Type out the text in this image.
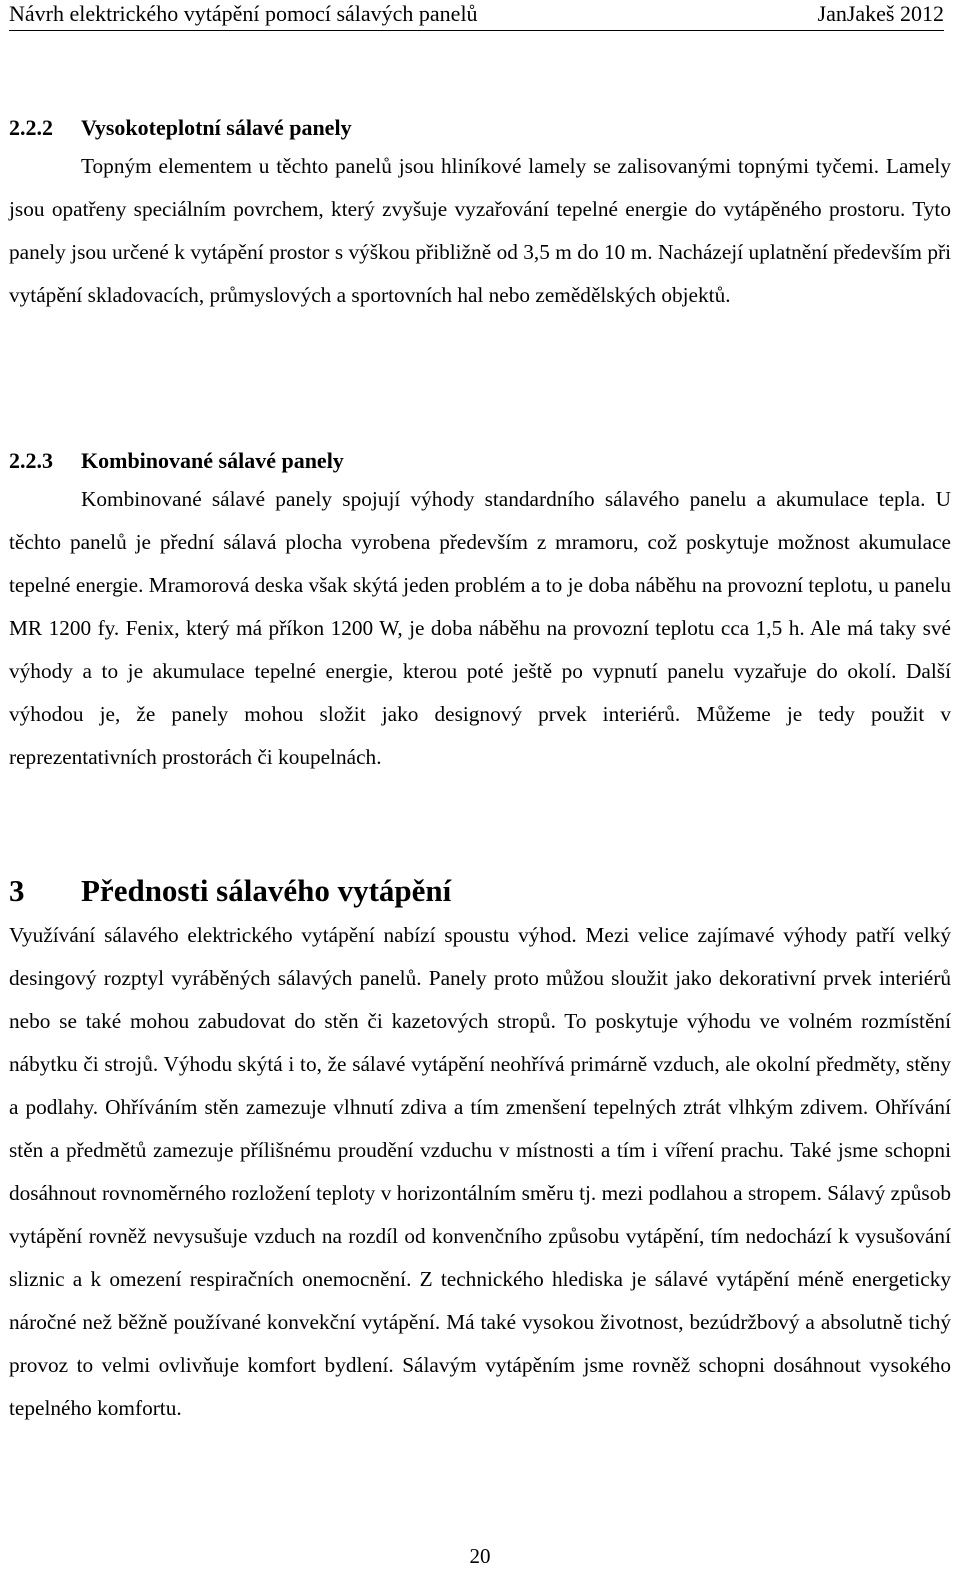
Návrh elektrického vytápění pomocí sálavých panelů	JanJakeš 2012
2.2.2 Vysokoteplotní sálavé panely

Topným elementem u těchto panelů jsou hliníkové lamely se zalisovanými topnými tyčemi. Lamely jsou opatřeny speciálním povrchem, který zvyšuje vyzařování tepelné energie do vytápěného prostoru. Tyto panely jsou určené k vytápění prostor s výškou přibližně od 3,5 m do 10 m. Nacházejí uplatnění především při vytápění skladovacích, průmyslových a sportovních hal nebo zemědělských objektů.

2.2.3 Kombinované sálavé panely

Kombinované sálavé panely spojují výhody standardního sálavého panelu a akumulace tepla. U těchto panelů je přední sálavá plocha vyrobena především z mramoru, což poskytuje možnost akumulace tepelné energie. Mramorová deska však skýtá jeden problém a to je doba náběhu na provozní teplotu, u panelu MR 1200 fy. Fenix, který má příkon 1200 W, je doba náběhu na provozní teplotu cca 1,5 h. Ale má taky své výhody a to je akumulace tepelné energie, kterou poté ještě po vypnutí panelu vyzařuje do okolí. Další výhodou je, že panely mohou složit jako designový prvek interiérů. Můžeme je tedy použit v reprezentativních prostorách či koupelnách.

3 Přednosti sálavého vytápění

Využívání sálavého elektrického vytápění nabízí spoustu výhod. Mezi velice zajímavé výhody patří velký desingový rozptyl vyráběných sálavých panelů. Panely proto můžou sloužit jako dekorativní prvek interiérů nebo se také mohou zabudovat do stěn či kazetových stropů. To poskytuje výhodu ve volném rozmístění nábytku či strojů. Výhodu skýtá i to, že sálavé vytápění neohřívá primárně vzduch, ale okolní předměty, stěny a podlahy. Ohříváním stěn zamezuje vlhnutí zdiva a tím zmenšení tepelných ztrát vlhkým zdivem. Ohřívání stěn a předmětů zamezuje přílišnému proudění vzduchu v místnosti a tím i víření prachu. Také jsme schopni dosáhnout rovnoměrného rozložení teploty v horizontálním směru tj. mezi podlahou a stropem. Sálavý způsob vytápění rovněž nevysušuje vzduch na rozdíl od konvenčního způsobu vytápění, tím nedochází k vysušování sliznic a k omezení respiračních onemocnění. Z technického hlediska je sálavé vytápění méně energeticky náročné než běžně používané konvekční vytápění. Má také vysokou životnost, bezúdržbový a absolutně tichý provoz to velmi ovlivňuje komfort bydlení. Sálavým vytápěním jsme rovněž schopni dosáhnout vysokého tepelného komfortu.

20
